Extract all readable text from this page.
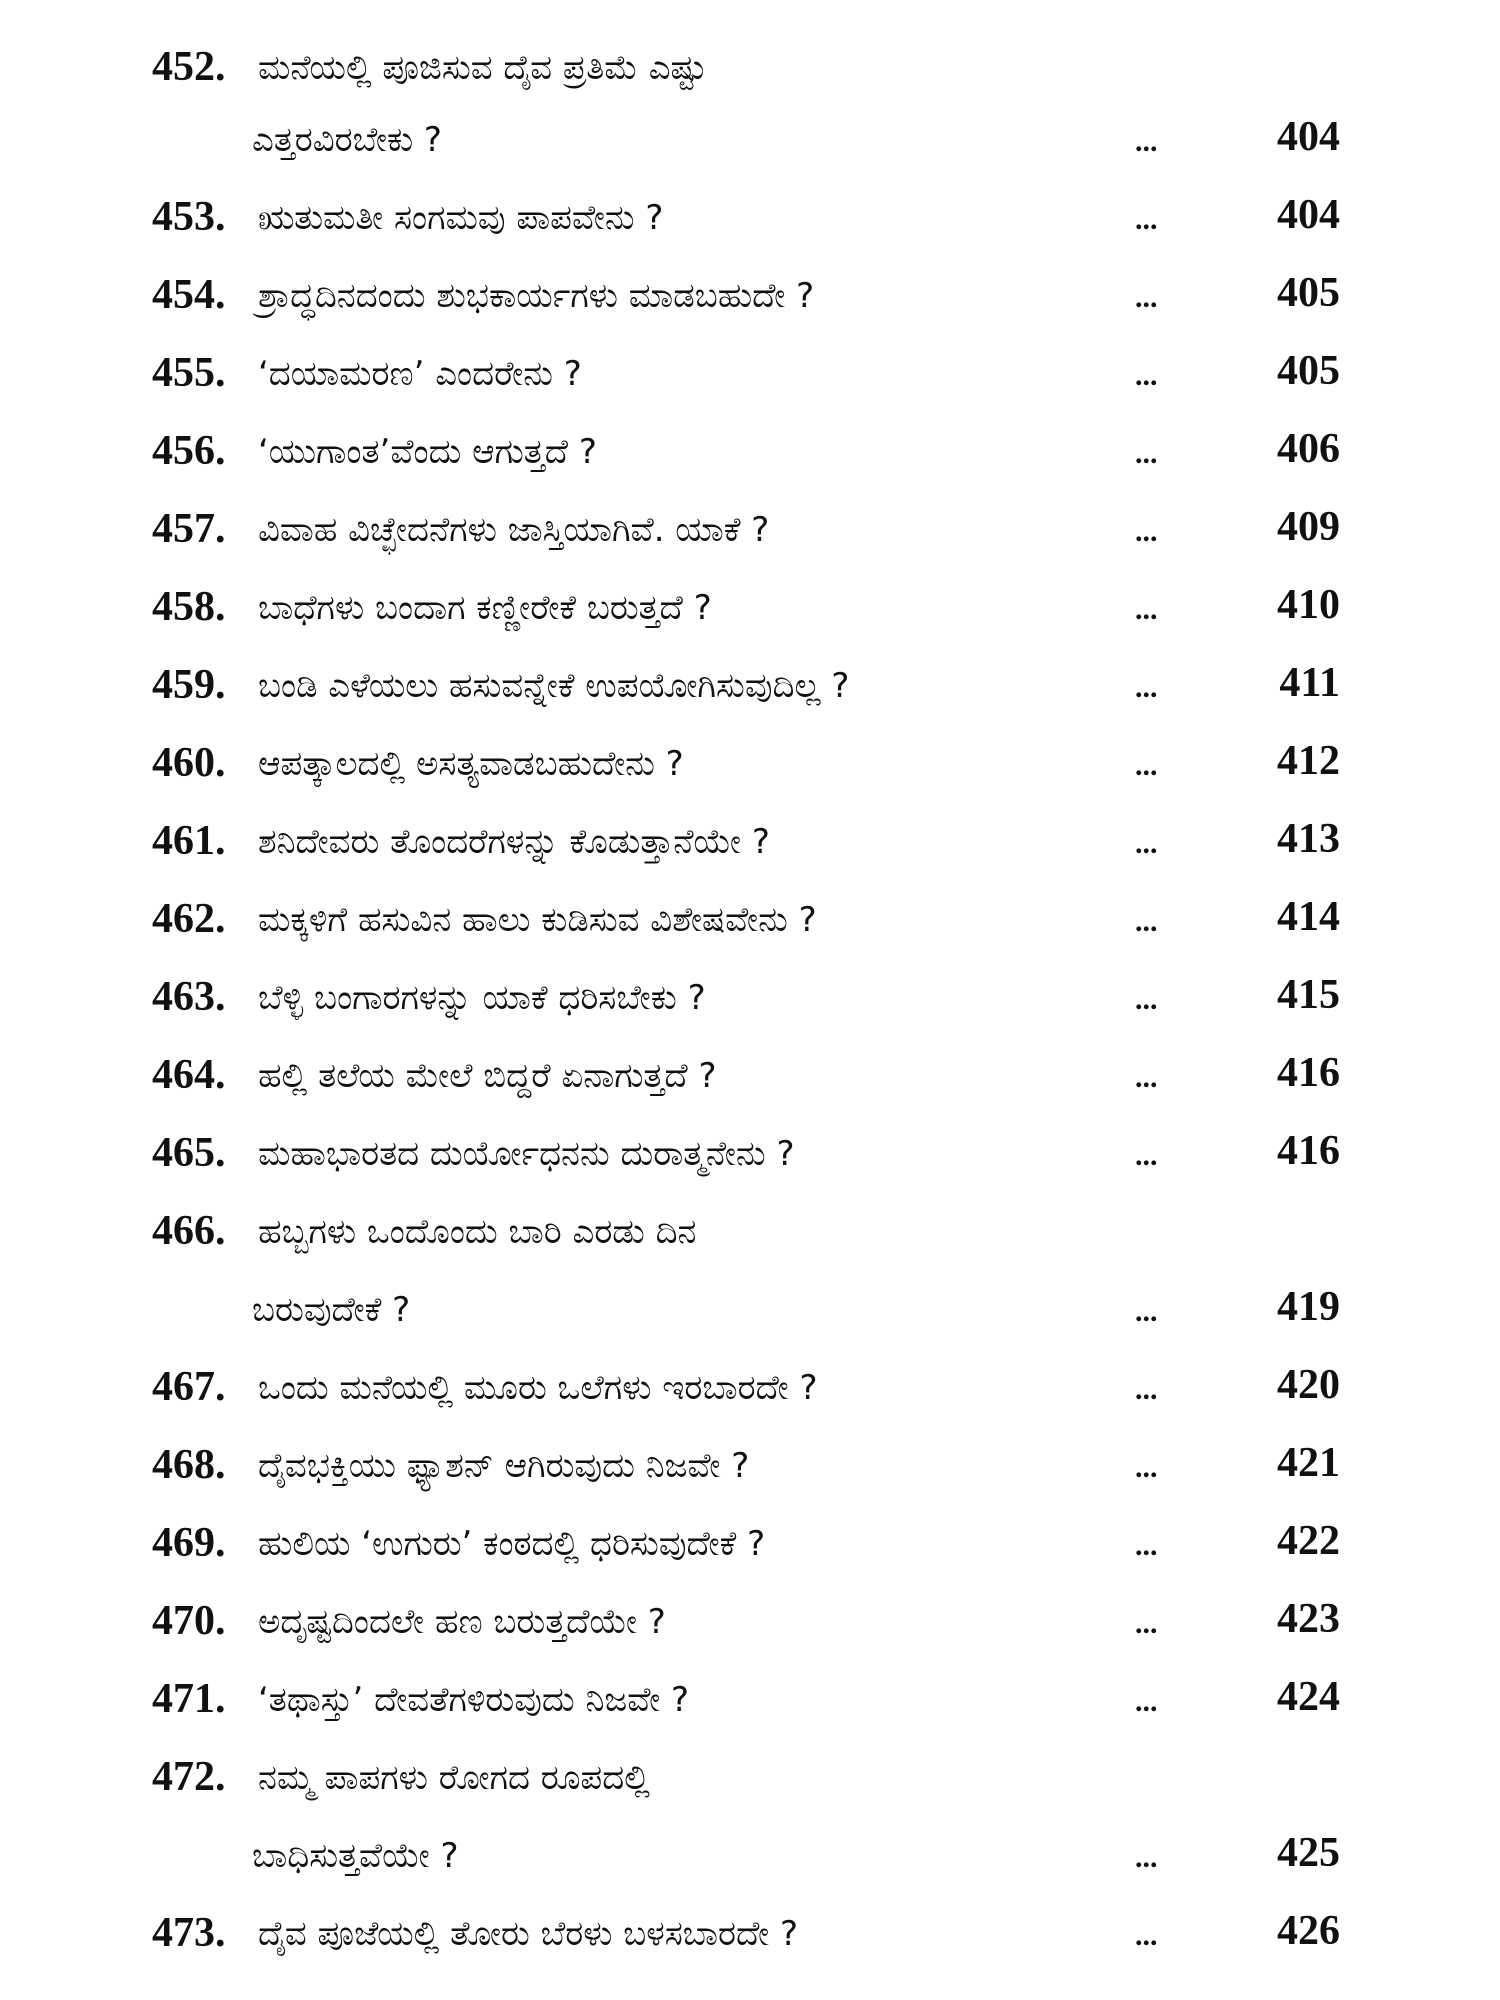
452. ಮನೆಯಲ್ಲಿ ಪೂಜಿಸುವ ದೈವ ಪ್ರತಿಮೆ ಎಷ್ಟು
ಎತ್ತರವಿರಬೇಕು ?	...	404
453. ಋತುಮತೀ ಸಂಗಮವು ಪಾಪವೇನು ?	...	404
454. ಶ್ರಾದ್ಧದಿನದಂದು ಶುಭಕಾರ್ಯಗಳು ಮಾಡಬಹುದೇ ?	...	405
455. ‘ದಯಾಮರಣ’ ಎಂದರೇನು ?	...	405
456. ‘ಯುಗಾಂತ’ವೆಂದು ಆಗುತ್ತದೆ ?	...	406
457. ವಿವಾಹ ವಿಚ್ಛೇದನೆಗಳು ಜಾಸ್ತಿಯಾಗಿವೆ. ಯಾಕೆ ?	...	409
458. ಬಾಧೆಗಳು ಬಂದಾಗ ಕಣ್ಣೀರೇಕೆ ಬರುತ್ತದೆ ?	...	410
459. ಬಂಡಿ ಎಳೆಯಲು ಹಸುವನ್ನೇಕೆ ಉಪಯೋಗಿಸುವುದಿಲ್ಲ ?	...	411
460. ಆಪತ್ಕಾಲದಲ್ಲಿ ಅಸತ್ಯವಾಡಬಹುದೇನು ?	...	412
461. ಶನಿದೇವರು ತೊಂದರೆಗಳನ್ನು ಕೊಡುತ್ತಾನೆಯೇ ?	...	413
462. ಮಕ್ಕಳಿಗೆ ಹಸುವಿನ ಹಾಲು ಕುಡಿಸುವ ವಿಶೇಷವೇನು ?	...	414
463. ಬೆಳ್ಳಿ ಬಂಗಾರಗಳನ್ನು ಯಾಕೆ ಧರಿಸಬೇಕು ?	...	415
464. ಹಲ್ಲಿ ತಲೆಯ ಮೇಲೆ ಬಿದ್ದರೆ ಏನಾಗುತ್ತದೆ ?	...	416
465. ಮಹಾಭಾರತದ ದುರ್ಯೋಧನನು ದುರಾತ್ಮನೇನು ?	...	416
466. ಹಬ್ಬಗಳು ಒಂದೊಂದು ಬಾರಿ ಎರಡು ದಿನ
ಬರುವುದೇಕೆ ?	...	419
467. ಒಂದು ಮನೆಯಲ್ಲಿ ಮೂರು ಒಲೆಗಳು ಇರಬಾರದೇ ?	...	420
468. ದೈವಭಕ್ತಿಯು ಫ್ಯಾಶನ್ ಆಗಿರುವುದು ನಿಜವೇ ?	...	421
469. ಹುಲಿಯ ‘ಉಗುರು’ ಕಂಠದಲ್ಲಿ ಧರಿಸುವುದೇಕೆ ?	...	422
470. ಅದೃಷ್ಟದಿಂದಲೇ ಹಣ ಬರುತ್ತದೆಯೇ ?	...	423
471. ‘ತಥಾಸ್ತು’ ದೇವತೆಗಳಿರುವುದು ನಿಜವೇ ?	...	424
472. ನಮ್ಮ ಪಾಪಗಳು ರೋಗದ ರೂಪದಲ್ಲಿ
ಬಾಧಿಸುತ್ತವೆಯೇ ?	...	425
473. ದೈವ ಪೂಜೆಯಲ್ಲಿ ತೋರು ಬೆರಳು ಬಳಸಬಾರದೇ ?	...	426
